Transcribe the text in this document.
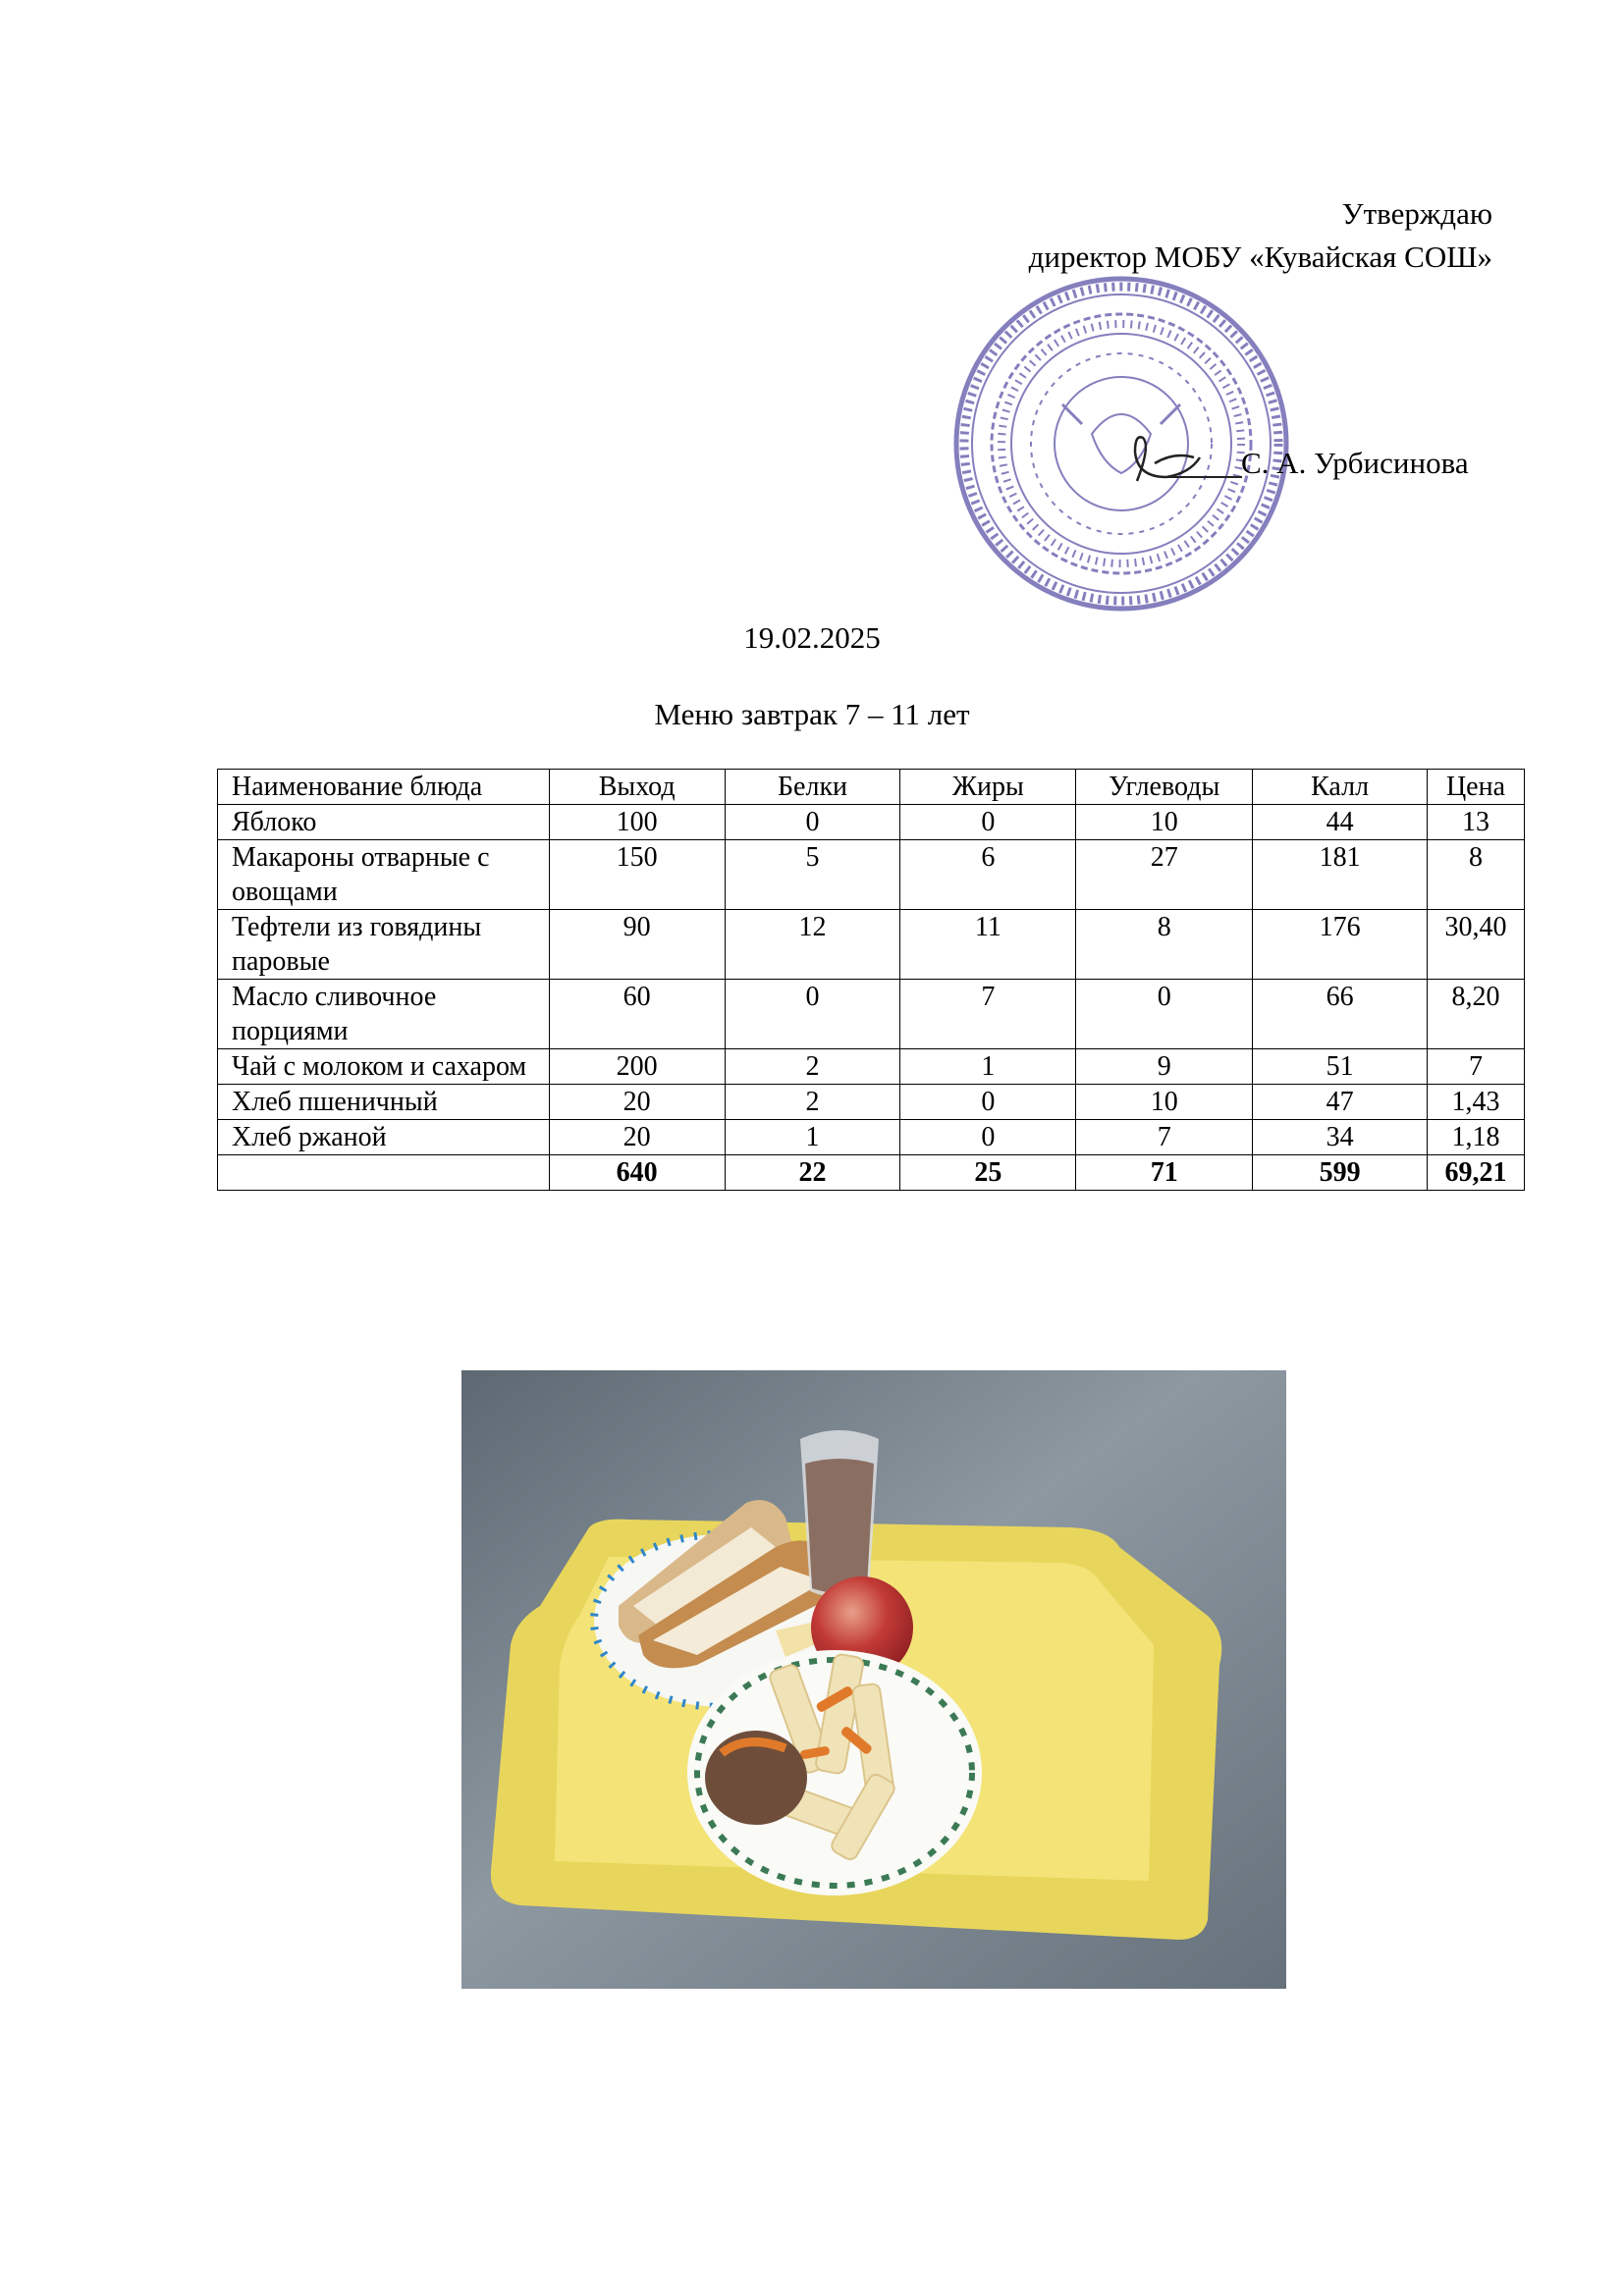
Утверждаю
директор МОБУ «Кувайская СОШ»
С. А. Урбисинова
19.02.2025
Меню завтрак 7 – 11 лет
Наименование блюда	Выход	Белки	Жиры	Углеводы	Калл	Цена
Яблоко	100	0	0	10	44	13
Макароны отварные с овощами	150	5	6	27	181	8
Тефтели из говядины паровые	90	12	11	8	176	30,40
Масло сливочное порциями	60	0	7	0	66	8,20
Чай с молоком и сахаром	200	2	1	9	51	7
Хлеб пшеничный	20	2	0	10	47	1,43
Хлеб ржаной	20	1	0	7	34	1,18
	640	22	25	71	599	69,21
